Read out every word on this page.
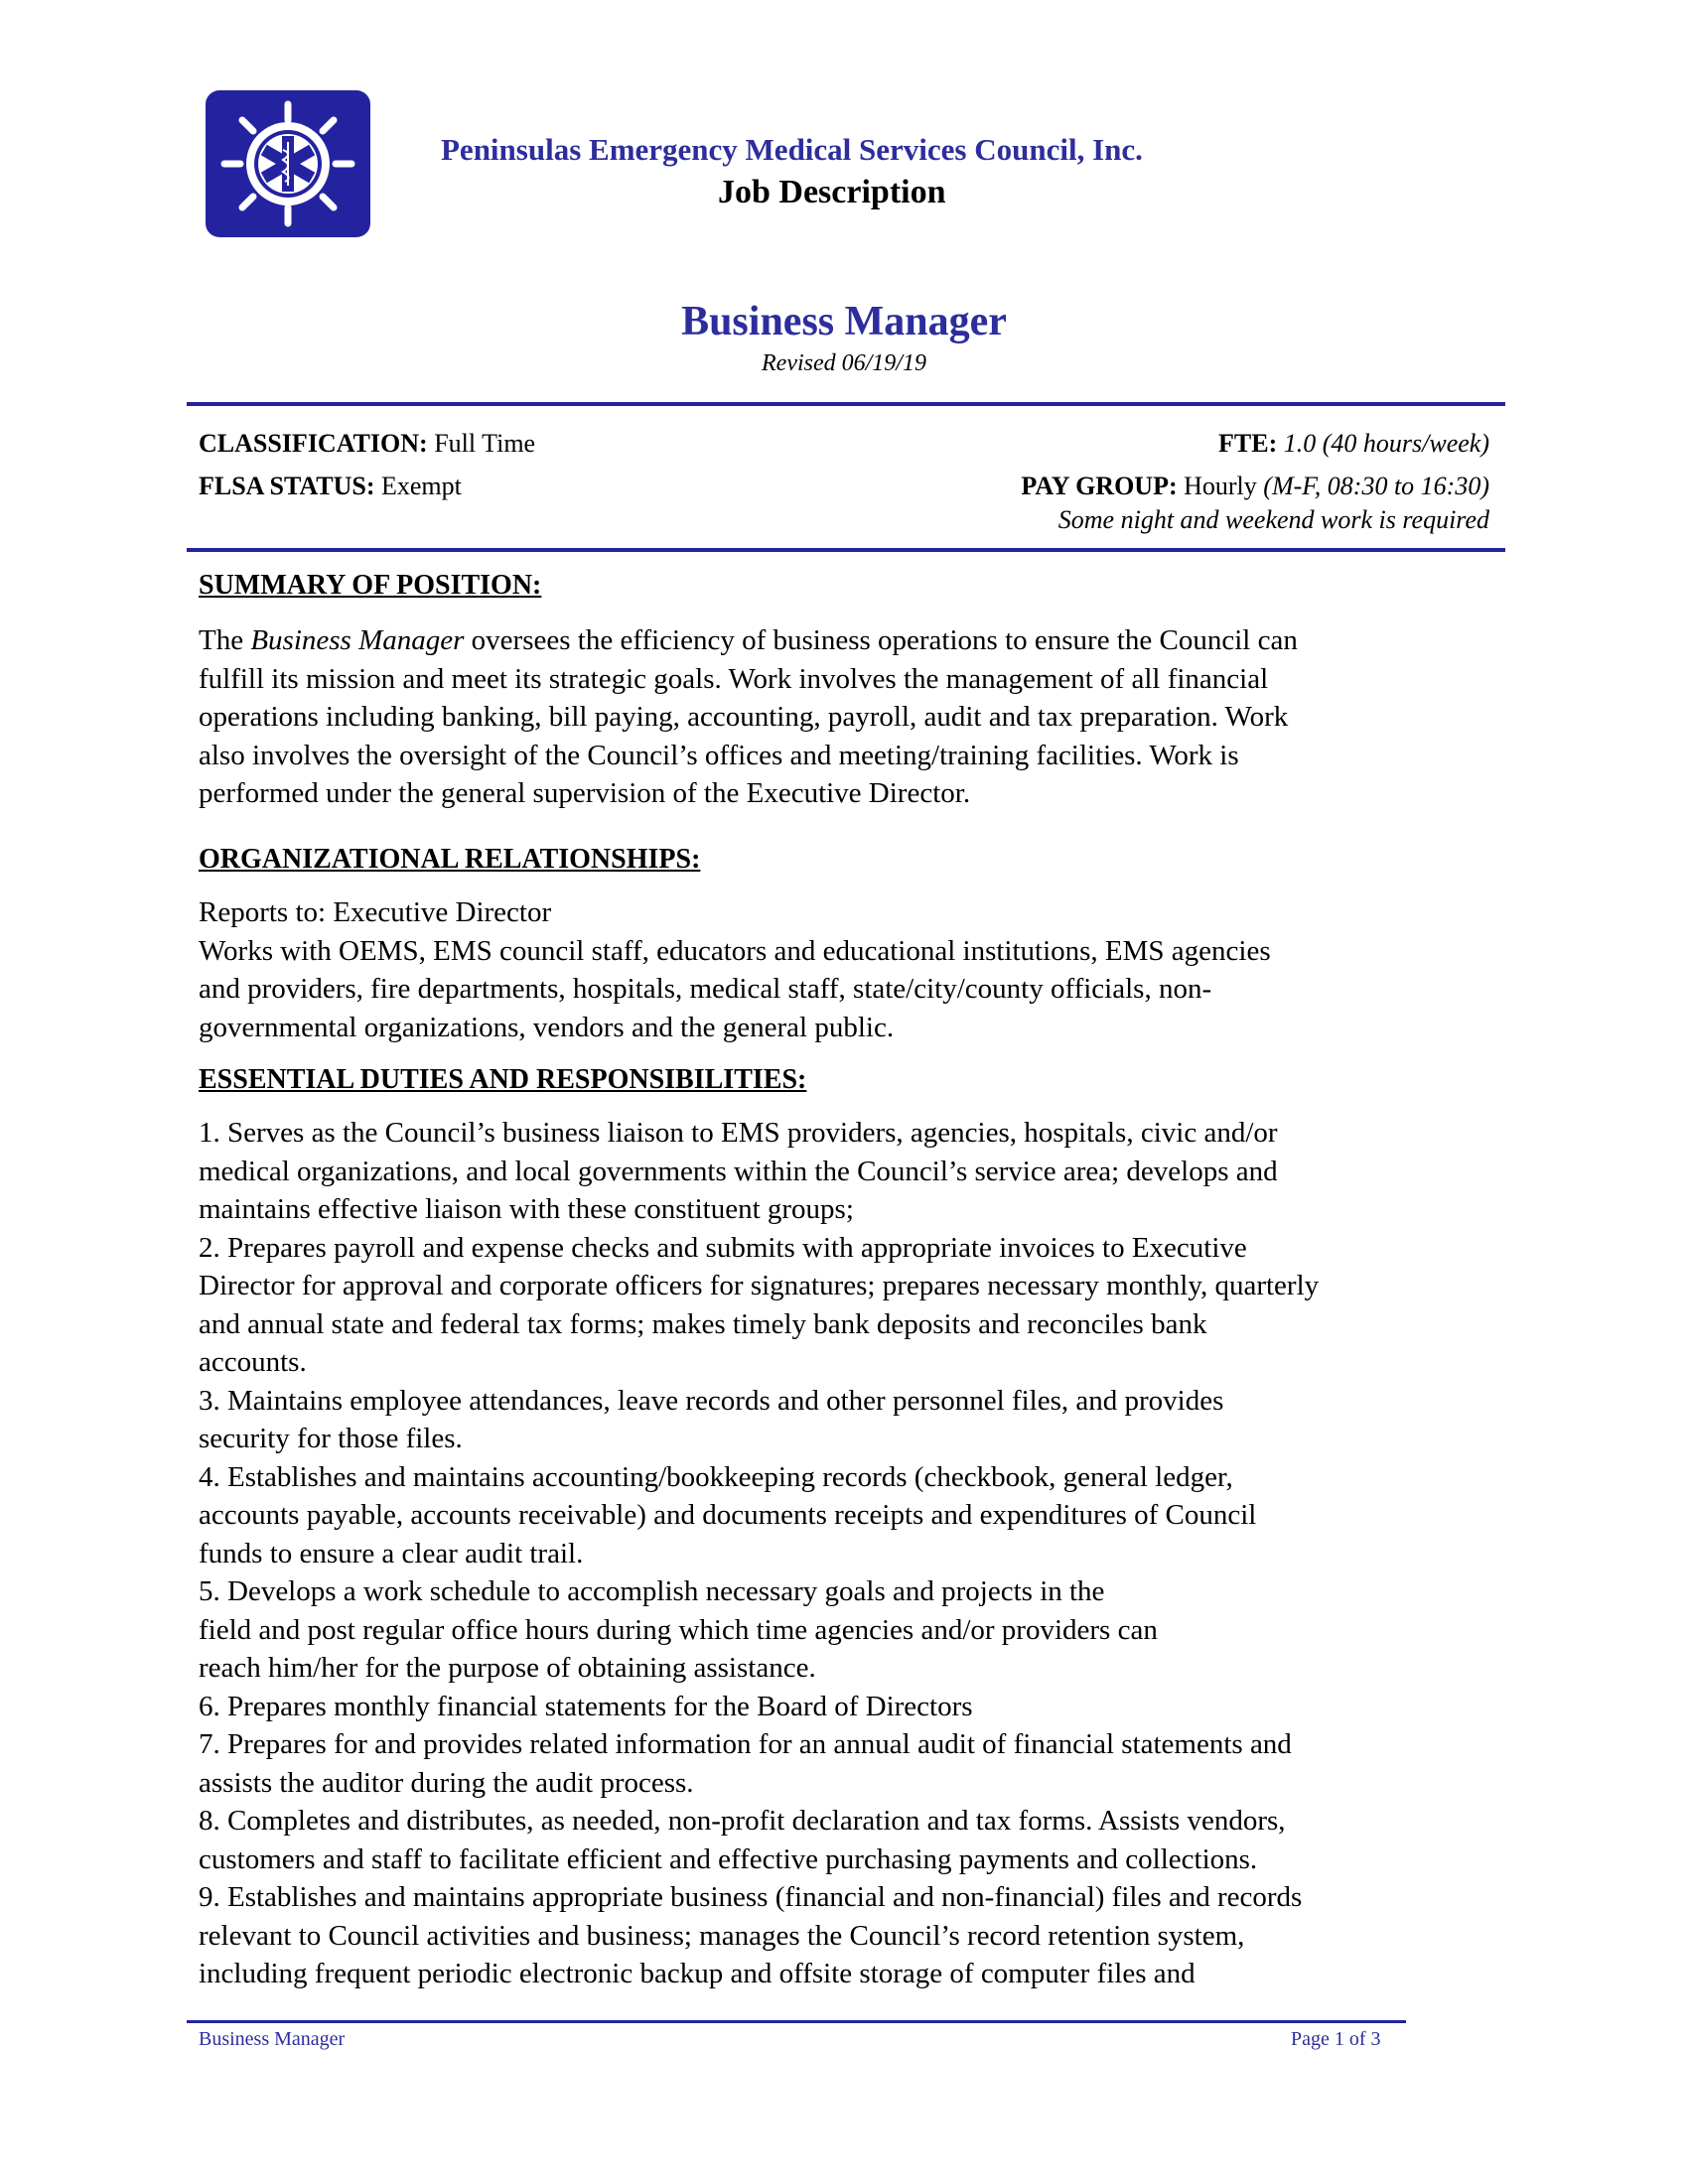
Peninsulas Emergency Medical Services Council, Inc.
Job Description
Business Manager
Revised 06/19/19
CLASSIFICATION: Full Time	FTE: 1.0 (40 hours/week)
FLSA STATUS: Exempt	PAY GROUP: Hourly (M-F, 08:30 to 16:30)
Some night and weekend work is required
SUMMARY OF POSITION:
The Business Manager oversees the efficiency of business operations to ensure the Council can
fulfill its mission and meet its strategic goals. Work involves the management of all financial
operations including banking, bill paying, accounting, payroll, audit and tax preparation. Work
also involves the oversight of the Council’s offices and meeting/training facilities. Work is
performed under the general supervision of the Executive Director.
ORGANIZATIONAL RELATIONSHIPS:
Reports to: Executive Director
Works with OEMS, EMS council staff, educators and educational institutions, EMS agencies
and providers, fire departments, hospitals, medical staff, state/city/county officials, non-
governmental organizations, vendors and the general public.
ESSENTIAL DUTIES AND RESPONSIBILITIES:
1. Serves as the Council’s business liaison to EMS providers, agencies, hospitals, civic and/or
medical organizations, and local governments within the Council’s service area; develops and
maintains effective liaison with these constituent groups;
2. Prepares payroll and expense checks and submits with appropriate invoices to Executive
Director for approval and corporate officers for signatures; prepares necessary monthly, quarterly
and annual state and federal tax forms; makes timely bank deposits and reconciles bank
accounts.
3. Maintains employee attendances, leave records and other personnel files, and provides
security for those files.
4. Establishes and maintains accounting/bookkeeping records (checkbook, general ledger,
accounts payable, accounts receivable) and documents receipts and expenditures of Council
funds to ensure a clear audit trail.
5. Develops a work schedule to accomplish necessary goals and projects in the
field and post regular office hours during which time agencies and/or providers can
reach him/her for the purpose of obtaining assistance.
6. Prepares monthly financial statements for the Board of Directors
7. Prepares for and provides related information for an annual audit of financial statements and
assists the auditor during the audit process.
8. Completes and distributes, as needed, non-profit declaration and tax forms. Assists vendors,
customers and staff to facilitate efficient and effective purchasing payments and collections.
9. Establishes and maintains appropriate business (financial and non-financial) files and records
relevant to Council activities and business; manages the Council’s record retention system,
including frequent periodic electronic backup and offsite storage of computer files and
Business Manager	Page 1 of 3
